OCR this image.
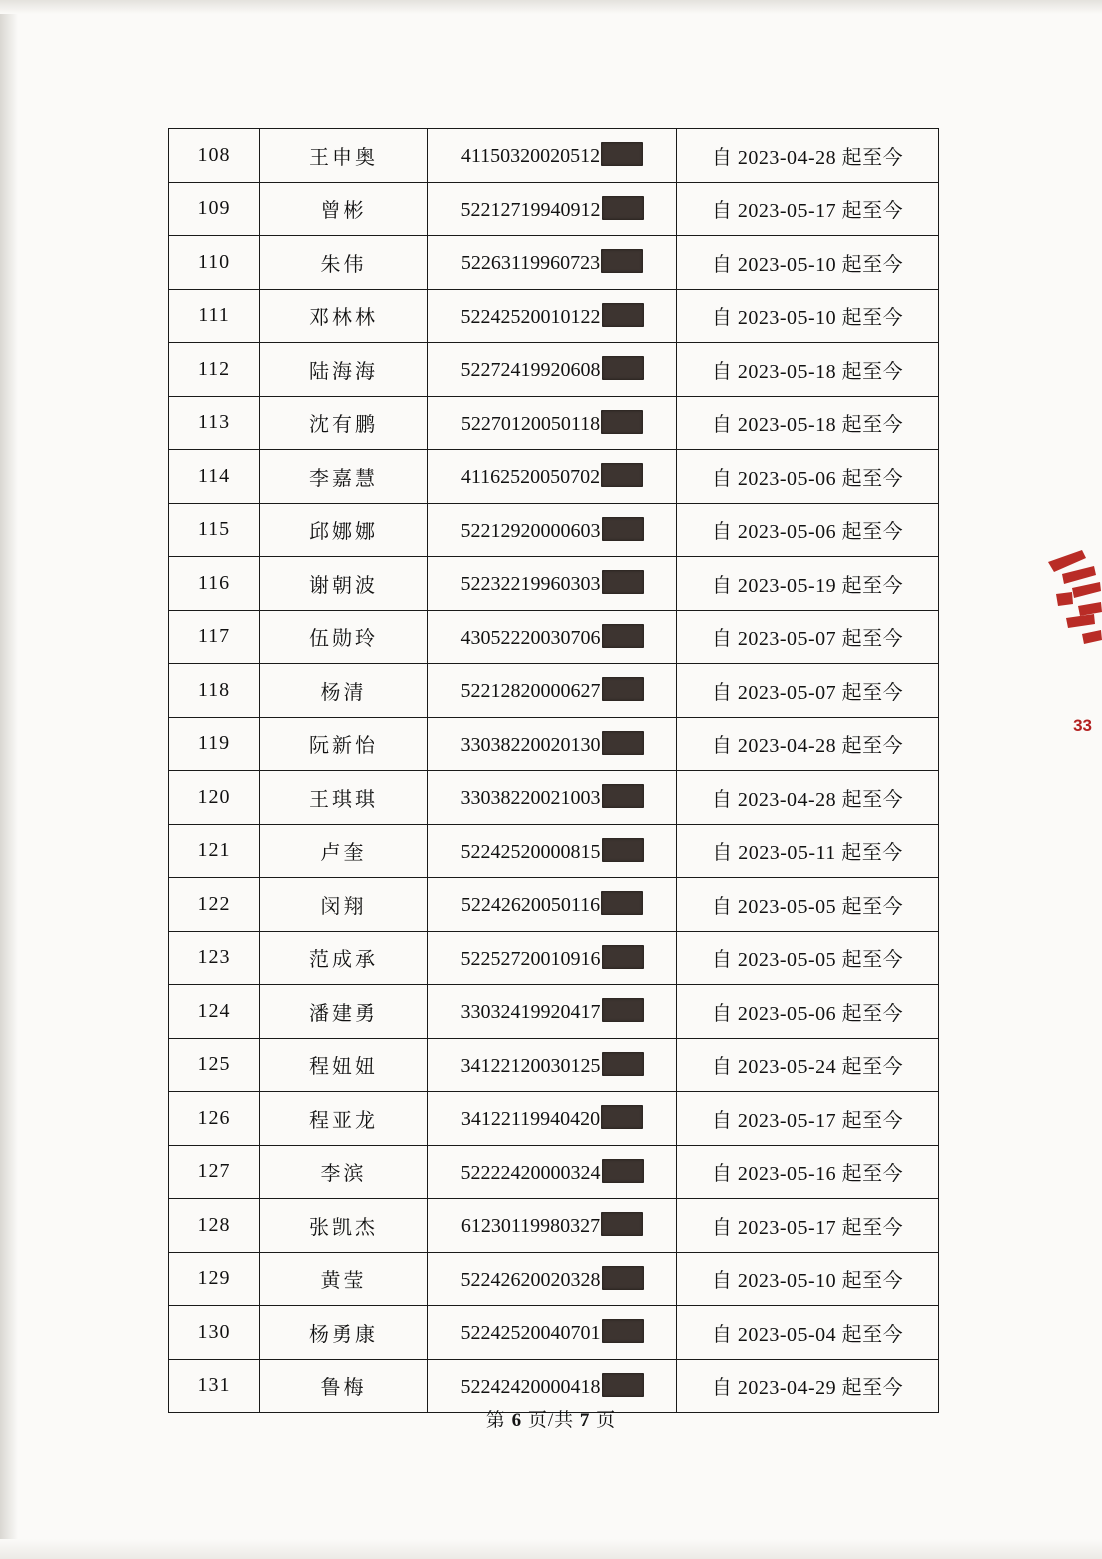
108	王申奥	41150320020512	自 2023-04-28 起至今
109	曾彬	52212719940912	自 2023-05-17 起至今
110	朱伟	52263119960723	自 2023-05-10 起至今
111	邓林林	52242520010122	自 2023-05-10 起至今
112	陆海海	52272419920608	自 2023-05-18 起至今
113	沈有鹏	52270120050118	自 2023-05-18 起至今
114	李嘉慧	41162520050702	自 2023-05-06 起至今
115	邱娜娜	52212920000603	自 2023-05-06 起至今
116	谢朝波	52232219960303	自 2023-05-19 起至今
117	伍勋玲	43052220030706	自 2023-05-07 起至今
118	杨清	52212820000627	自 2023-05-07 起至今
119	阮新怡	33038220020130	自 2023-04-28 起至今
120	王琪琪	33038220021003	自 2023-04-28 起至今
121	卢奎	52242520000815	自 2023-05-11 起至今
122	闵翔	52242620050116	自 2023-05-05 起至今
123	范成承	52252720010916	自 2023-05-05 起至今
124	潘建勇	33032419920417	自 2023-05-06 起至今
125	程妞妞	34122120030125	自 2023-05-24 起至今
126	程亚龙	34122119940420	自 2023-05-17 起至今
127	李滨	52222420000324	自 2023-05-16 起至今
128	张凯杰	61230119980327	自 2023-05-17 起至今
129	黄莹	52242620020328	自 2023-05-10 起至今
130	杨勇康	52242520040701	自 2023-05-04 起至今
131	鲁梅	52242420000418	自 2023-04-29 起至今
第 6 页/共 7 页
33
